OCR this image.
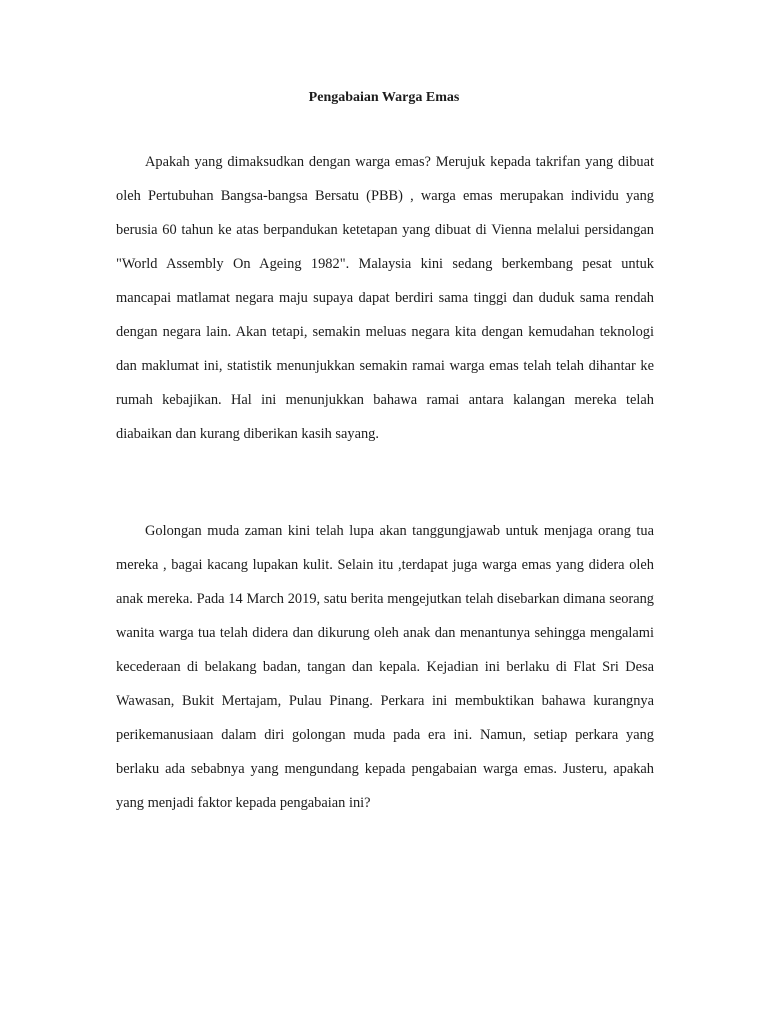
Pengabaian Warga Emas

Apakah yang dimaksudkan dengan warga emas? Merujuk kepada takrifan yang dibuat oleh Pertubuhan Bangsa-bangsa Bersatu (PBB) , warga emas merupakan individu yang berusia 60 tahun ke atas berpandukan ketetapan yang dibuat di Vienna melalui persidangan "World Assembly On Ageing 1982". Malaysia kini sedang berkembang pesat untuk mancapai matlamat negara maju supaya dapat berdiri sama tinggi dan duduk sama rendah dengan negara lain. Akan tetapi, semakin meluas negara kita dengan kemudahan teknologi dan maklumat ini, statistik menunjukkan semakin ramai warga emas telah telah dihantar ke rumah kebajikan. Hal ini menunjukkan bahawa ramai antara kalangan mereka telah diabaikan dan kurang diberikan kasih sayang.

Golongan muda zaman kini telah lupa akan tanggungjawab untuk menjaga orang tua mereka , bagai kacang lupakan kulit. Selain itu ,terdapat juga warga emas yang didera oleh anak mereka. Pada 14 March 2019, satu berita mengejutkan telah disebarkan dimana seorang wanita warga tua telah didera dan dikurung oleh anak dan menantunya sehingga mengalami kecederaan di belakang badan, tangan dan kepala. Kejadian ini berlaku di Flat Sri Desa Wawasan, Bukit Mertajam, Pulau Pinang. Perkara ini membuktikan bahawa kurangnya perikemanusiaan dalam diri golongan muda pada era ini. Namun, setiap perkara yang berlaku ada sebabnya yang mengundang kepada pengabaian warga emas. Justeru, apakah yang menjadi faktor kepada pengabaian ini?
